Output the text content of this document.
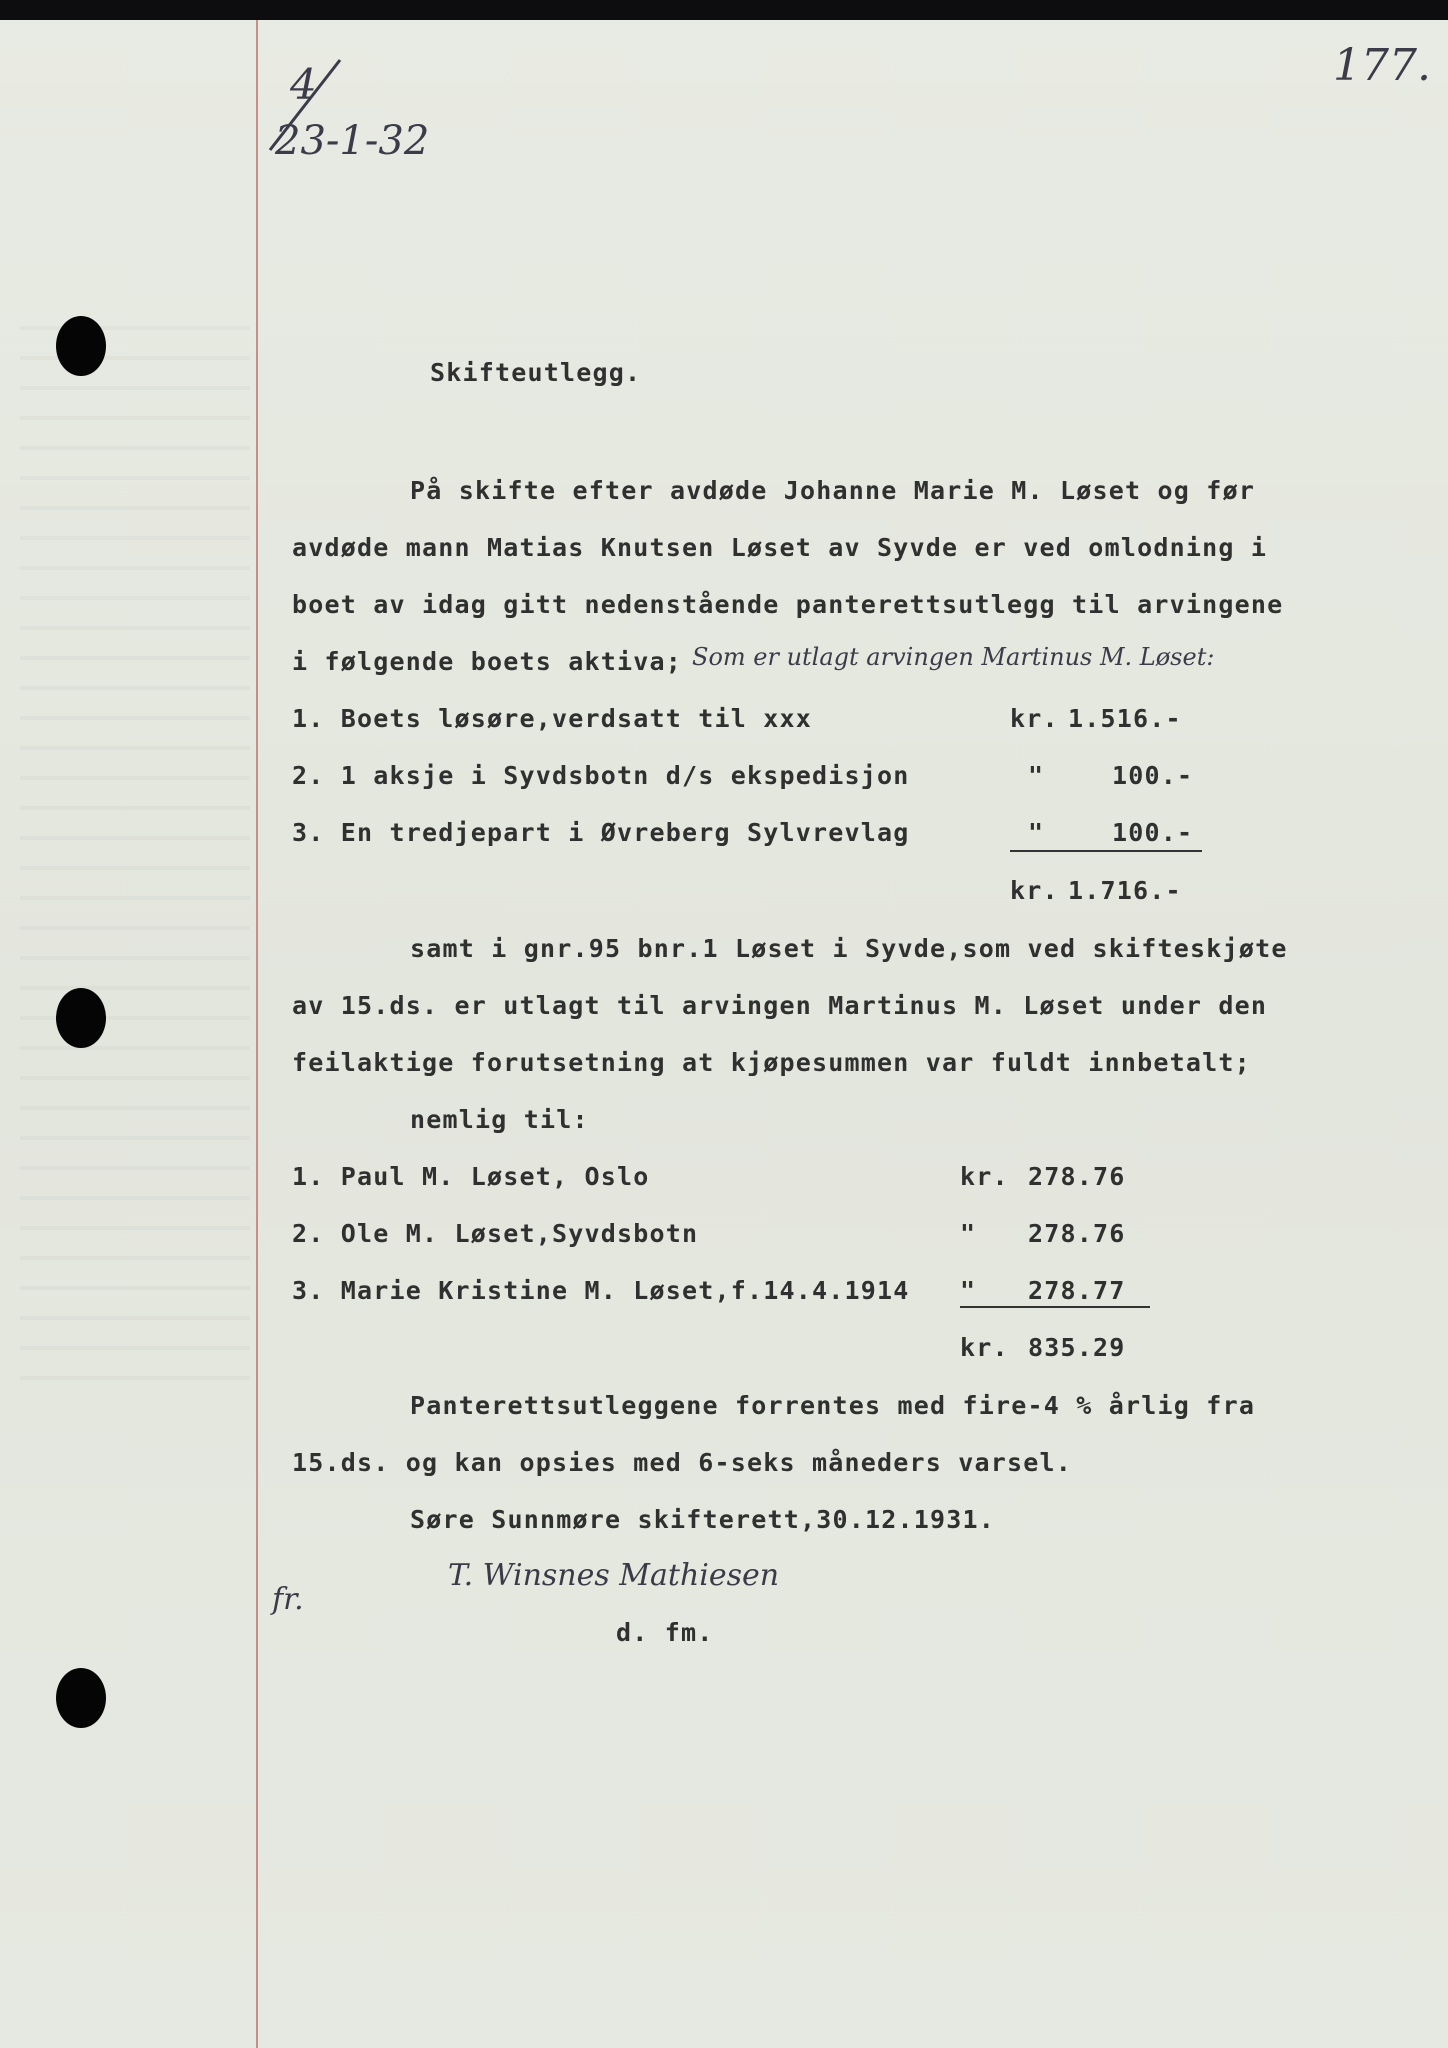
4
23-1-32
177.
Skifteutlegg.
På skifte efter avdøde Johanne Marie M. Løset og før
avdøde mann Matias Knutsen Løset av Syvde er ved omlodning i
boet av idag gitt nedenstående panterettsutlegg til arvingene
i følgende boets aktiva; Som er utlagt arvingen Martinus M. Løset:
1. Boets løsøre,verdsatt til xxx	kr. 1.516.-
2. 1 aksje i Syvdsbotn d/s ekspedisjon	"	100.-
3. En tredjepart i Øvreberg Sylvrevlag	"	100.-
kr. 1.716.-
samt i gnr.95 bnr.1 Løset i Syvde,som ved skifteskjøte
av 15.ds. er utlagt til arvingen Martinus M. Løset under den
feilaktige forutsetning at kjøpesummen var fuldt innbetalt;
nemlig til:
1. Paul M. Løset, Oslo	kr. 278.76
2. Ole M. Løset,Syvdsbotn	" 278.76
3. Marie Kristine M. Løset,f.14.4.1914 " 278.77
kr. 835.29
Panterettsutleggene forrentes med fire-4 % årlig fra
15.ds. og kan opsies med 6-seks måneders varsel.
Søre Sunnmøre skifterett,30.12.1931.
fr.
T. Winsnes Mathiesen
d. fm.
